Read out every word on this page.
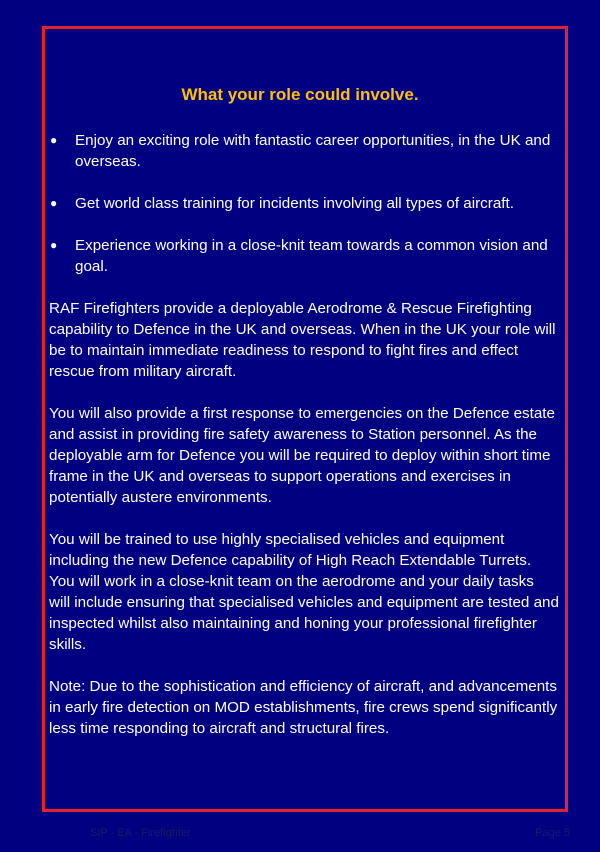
What your role could involve.
● Enjoy an exciting role with fantastic career opportunities, in the UK and overseas.
● Get world class training for incidents involving all types of aircraft.
● Experience working in a close-knit team towards a common vision and goal.

RAF Firefighters provide a deployable Aerodrome & Rescue Firefighting capability to Defence in the UK and overseas. When in the UK your role will be to maintain immediate readiness to respond to fight fires and effect rescue from military aircraft.

You will also provide a first response to emergencies on the Defence estate and assist in providing fire safety awareness to Station personnel. As the deployable arm for Defence you will be required to deploy within short time frame in the UK and overseas to support operations and exercises in potentially austere environments.

You will be trained to use highly specialised vehicles and equipment including the new Defence capability of High Reach Extendable Turrets. You will work in a close-knit team on the aerodrome and your daily tasks will include ensuring that specialised vehicles and equipment are tested and inspected whilst also maintaining and honing your professional firefighter skills.

Note: Due to the sophistication and efficiency of aircraft, and advancements in early fire detection on MOD establishments, fire crews spend significantly less time responding to aircraft and structural fires.

SIP - EA - Firefighter	Page 5
